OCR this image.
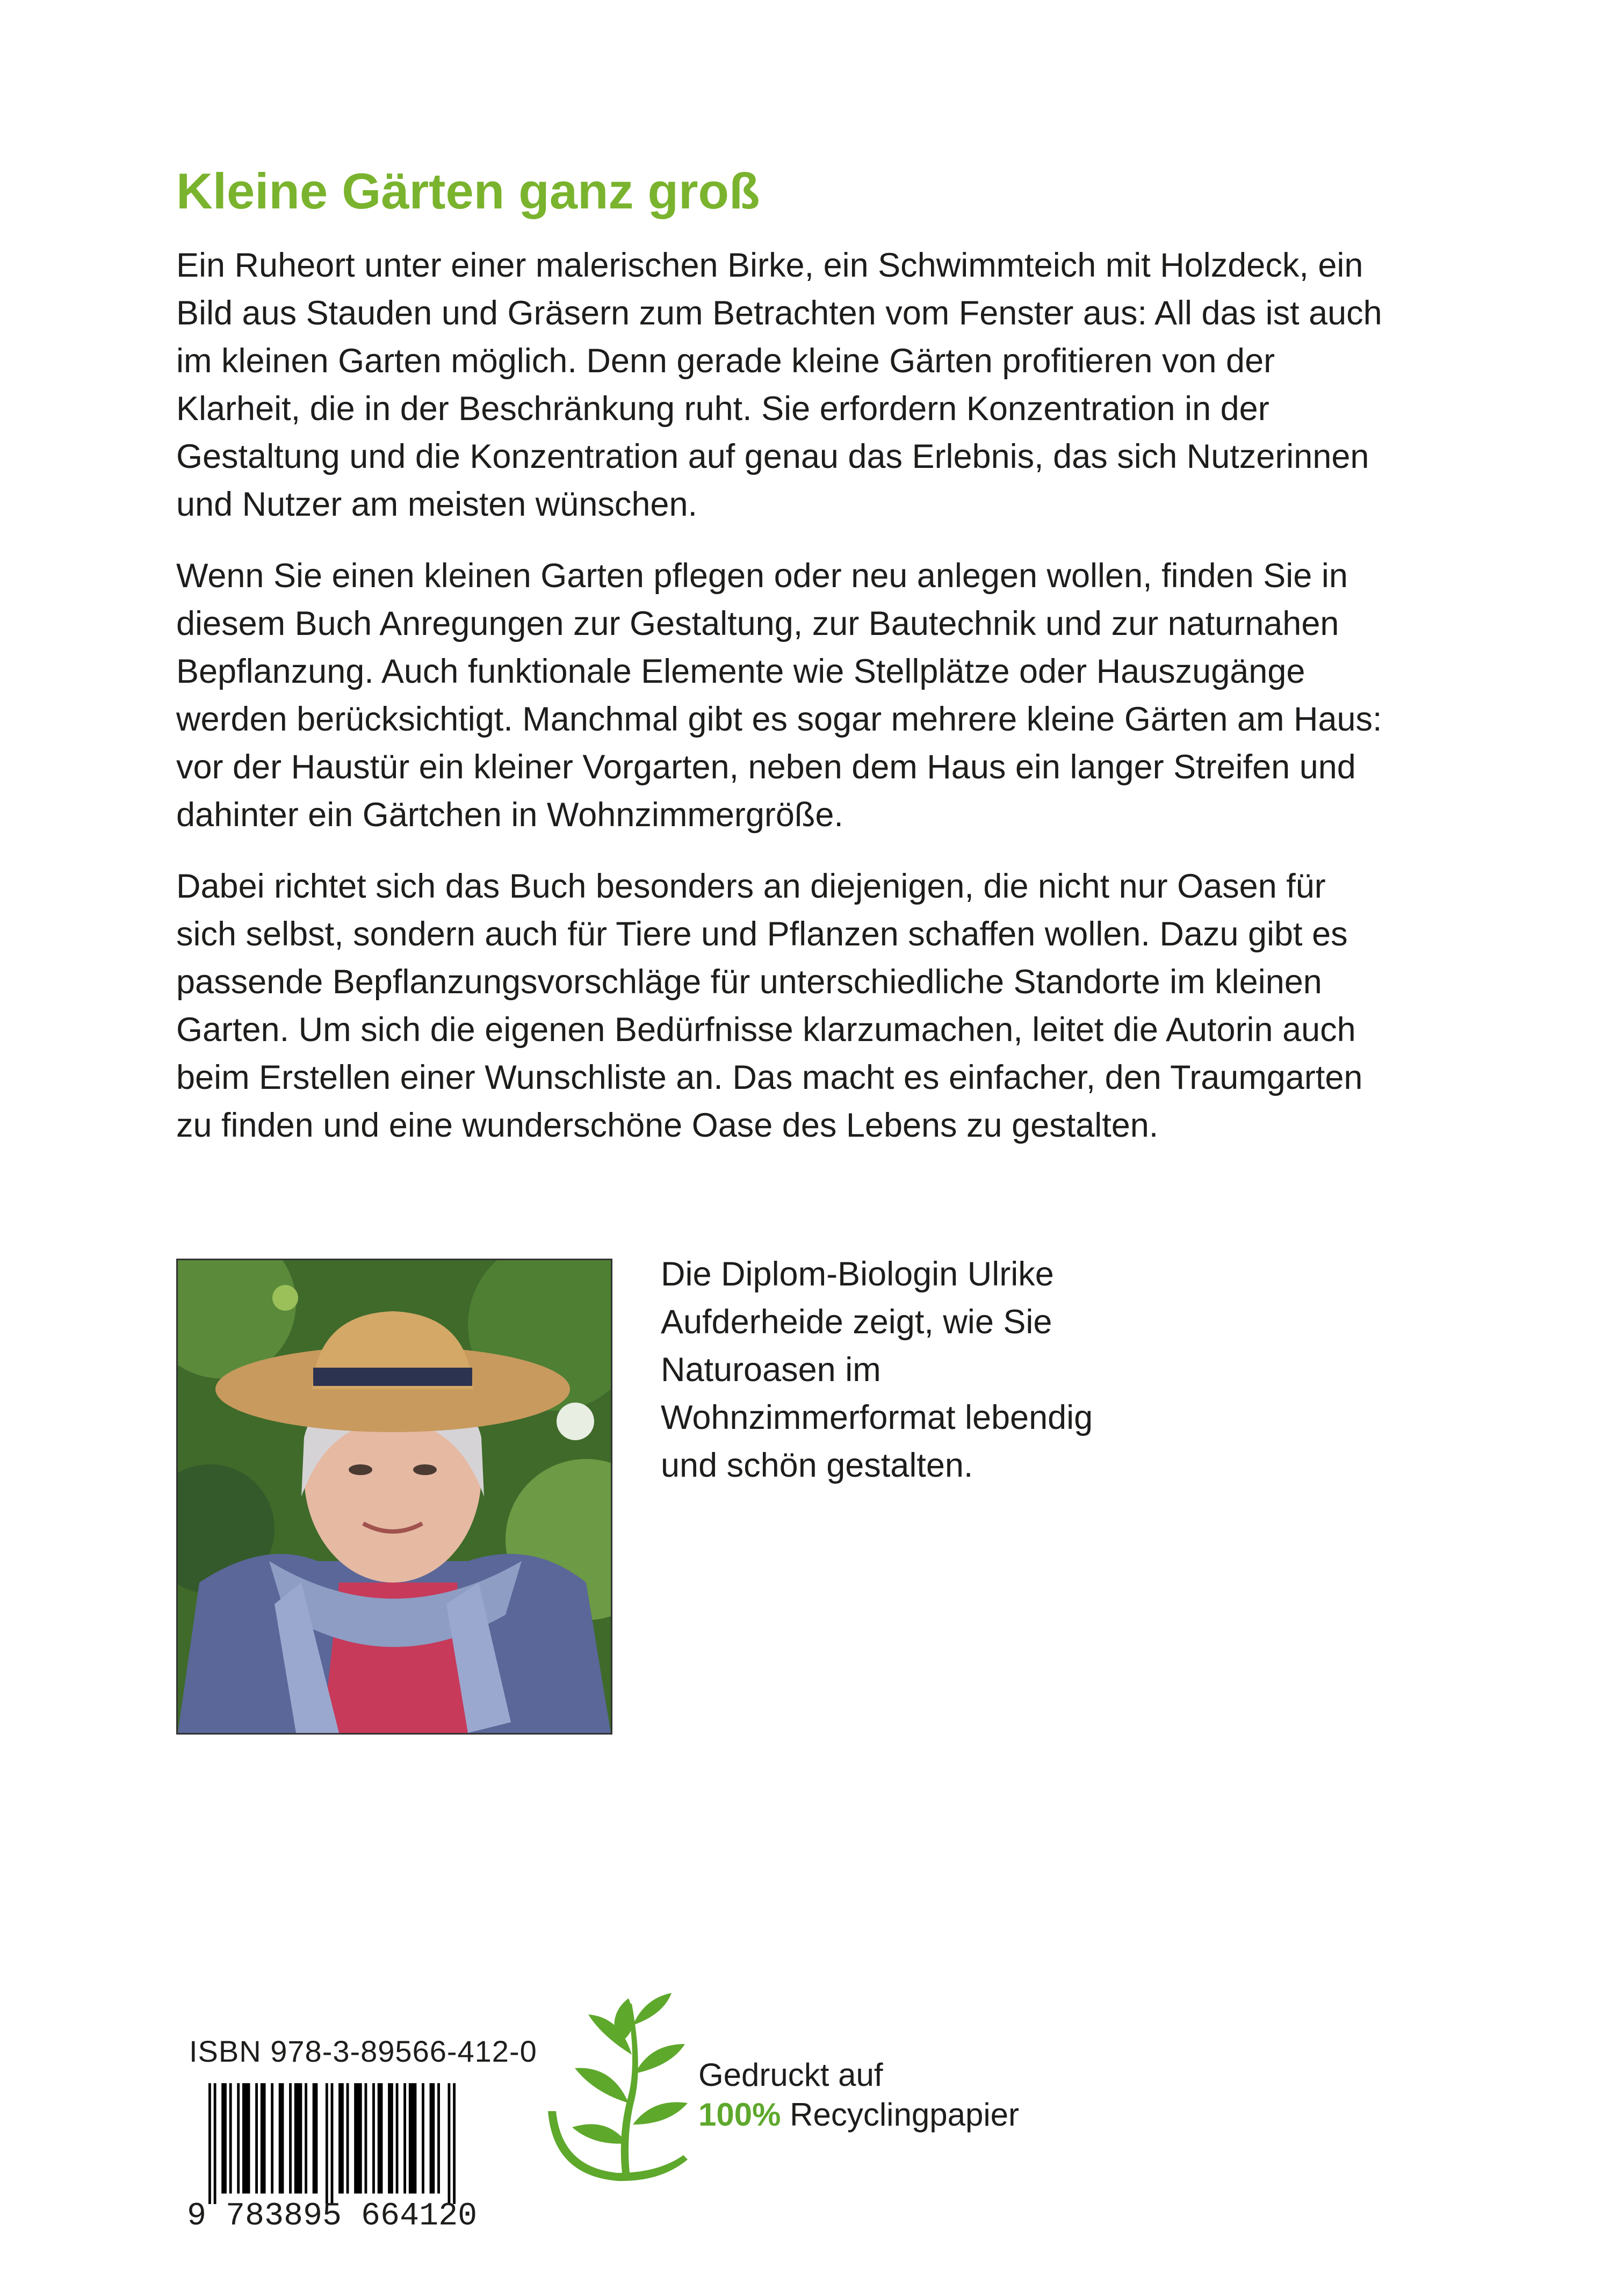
Kleine Gärten ganz groß

Ein Ruheort unter einer malerischen Birke, ein Schwimmteich mit Holzdeck, ein Bild aus Stauden und Gräsern zum Betrachten vom Fenster aus: All das ist auch im kleinen Garten möglich. Denn gerade kleine Gärten profitieren von der Klarheit, die in der Beschränkung ruht. Sie erfordern Konzentration in der Gestaltung und die Konzentration auf genau das Erlebnis, das sich Nutzerinnen und Nutzer am meisten wünschen.

Wenn Sie einen kleinen Garten pflegen oder neu anlegen wollen, finden Sie in diesem Buch Anregungen zur Gestaltung, zur Bautechnik und zur naturnahen Bepflanzung. Auch funktionale Elemente wie Stellplätze oder Hauszugänge werden berücksichtigt. Manchmal gibt es sogar mehrere kleine Gärten am Haus: vor der Haustür ein kleiner Vorgarten, neben dem Haus ein langer Streifen und dahinter ein Gärtchen in Wohnzimmergröße.

Dabei richtet sich das Buch besonders an diejenigen, die nicht nur Oasen für sich selbst, sondern auch für Tiere und Pflanzen schaffen wollen. Dazu gibt es passende Bepflanzungsvorschläge für unterschiedliche Standorte im kleinen Garten. Um sich die eigenen Bedürfnisse klarzumachen, leitet die Autorin auch beim Erstellen einer Wunschliste an. Das macht es einfacher, den Traumgarten zu finden und eine wunderschöne Oase des Lebens zu gestalten.

Die Diplom-Biologin Ulrike Aufderheide zeigt, wie Sie Naturoasen im Wohnzimmerformat lebendig und schön gestalten.
ISBN 978-3-89566-412-0
9 783895 664120
Gedruckt auf
100% Recyclingpapier
